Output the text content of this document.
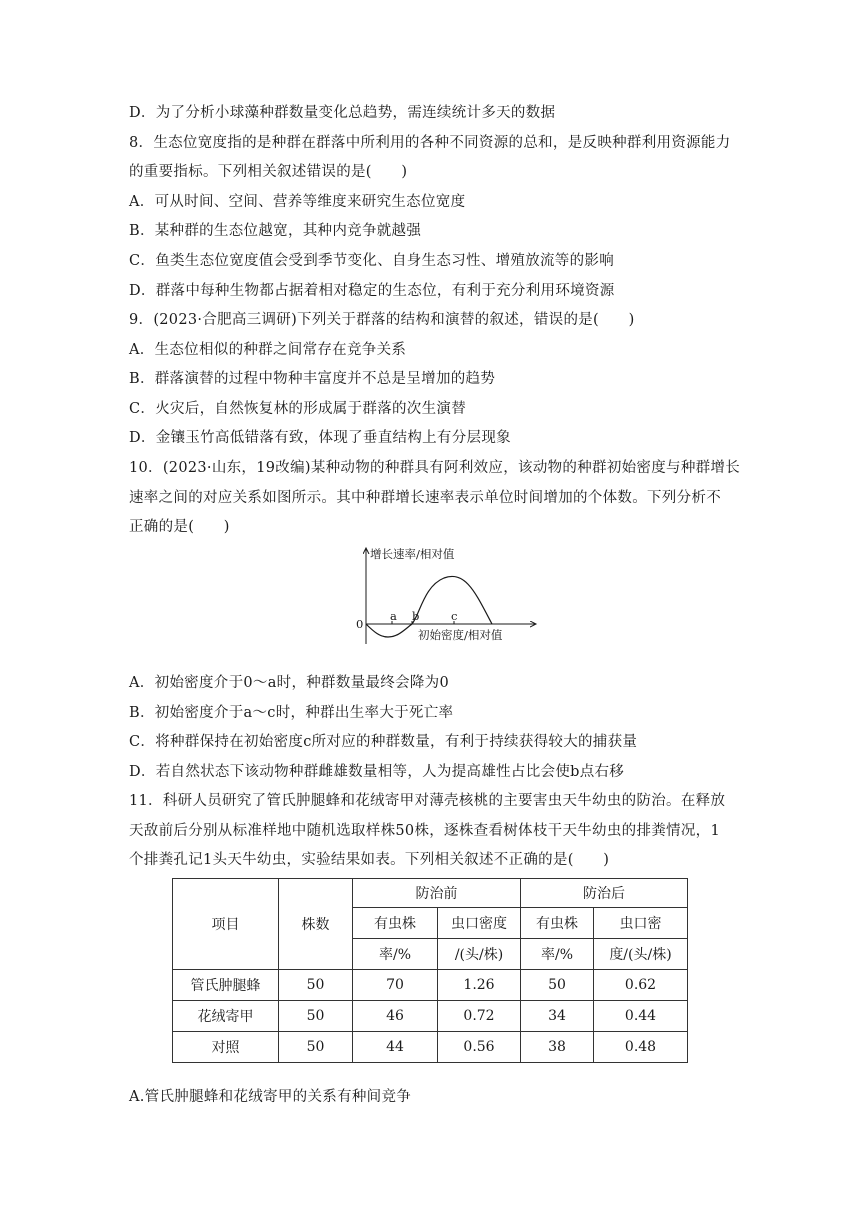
D．为了分析小球藻种群数量变化总趋势，需连续统计多天的数据
8．生态位宽度指的是种群在群落中所利用的各种不同资源的总和，是反映种群利用资源能力
的重要指标。下列相关叙述错误的是(　　)
A．可从时间、空间、营养等维度来研究生态位宽度
B．某种群的生态位越宽，其种内竞争就越强
C．鱼类生态位宽度值会受到季节变化、自身生态习性、增殖放流等的影响
D．群落中每种生物都占据着相对稳定的生态位，有利于充分利用环境资源
9．(2023·合肥高三调研)下列关于群落的结构和演替的叙述，错误的是(　　)
A．生态位相似的种群之间常存在竞争关系
B．群落演替的过程中物种丰富度并不总是呈增加的趋势
C．火灾后，自然恢复林的形成属于群落的次生演替
D．金镶玉竹高低错落有致，体现了垂直结构上有分层现象
10．(2023·山东，19改编)某种动物的种群具有阿利效应，该动物的种群初始密度与种群增长
速率之间的对应关系如图所示。其中种群增长速率表示单位时间增加的个体数。下列分析不
正确的是(　　)
增长速率/相对值
0
a b	c
初始密度/相对值
A．初始密度介于0～a时，种群数量最终会降为0
B．初始密度介于a～c时，种群出生率大于死亡率
C．将种群保持在初始密度c所对应的种群数量，有利于持续获得较大的捕获量
D．若自然状态下该动物种群雌雄数量相等，人为提高雄性占比会使b点右移
11．科研人员研究了管氏肿腿蜂和花绒寄甲对薄壳核桃的主要害虫天牛幼虫的防治。在释放
天敌前后分别从标准样地中随机选取样株50株，逐株查看树体枝干天牛幼虫的排粪情况，1
个排粪孔记1头天牛幼虫，实验结果如表。下列相关叙述不正确的是(　　)
项目	株数	防治前		防治后	
		有虫株	虫口密度	有虫株	虫口密
		率/%	/(头/株)	率/%	度/(头/株)
管氏肿腿蜂	50	70	1.26	50	0.62
花绒寄甲	50	46	0.72	34	0.44
对照	50	44	0.56	38	0.48
A.管氏肿腿蜂和花绒寄甲的关系有种间竞争
